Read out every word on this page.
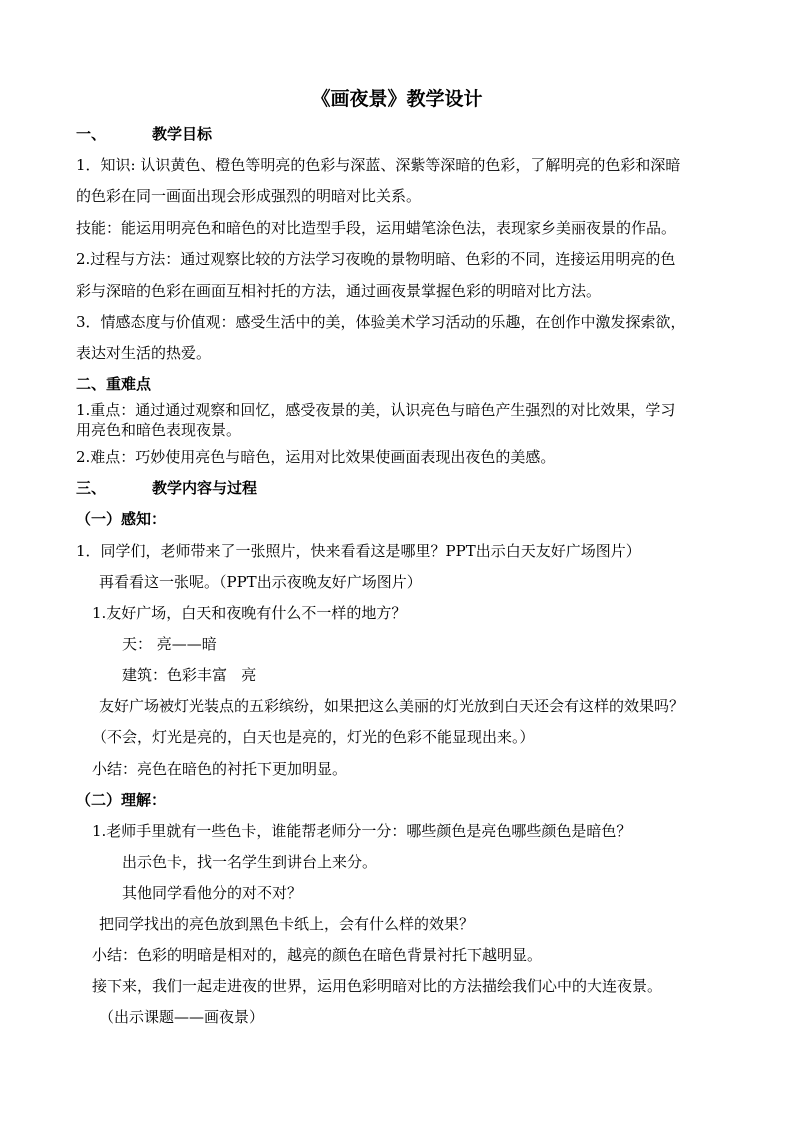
《画夜景》教学设计
一、	教学目标
1．知识: 认识黄色、橙色等明亮的色彩与深蓝、深紫等深暗的色彩，了解明亮的色彩和深暗
的色彩在同一画面出现会形成强烈的明暗对比关系。
技能：能运用明亮色和暗色的对比造型手段，运用蜡笔涂色法，表现家乡美丽夜景的作品。
2.过程与方法：通过观察比较的方法学习夜晚的景物明暗、色彩的不同，连接运用明亮的色
彩与深暗的色彩在画面互相衬托的方法，通过画夜景掌握色彩的明暗对比方法。
3．情感态度与价值观：感受生活中的美，体验美术学习活动的乐趣，在创作中激发探索欲，
表达对生活的热爱。
二、重难点
1.重点：通过通过观察和回忆，感受夜景的美，认识亮色与暗色产生强烈的对比效果，学习
用亮色和暗色表现夜景。
2.难点：巧妙使用亮色与暗色，运用对比效果使画面表现出夜色的美感。
三、	教学内容与过程
（一）感知：
1．同学们，老师带来了一张照片，快来看看这是哪里？PPT出示白天友好广场图片）
再看看这一张呢。（PPT出示夜晚友好广场图片）
1.友好广场，白天和夜晚有什么不一样的地方？
天： 亮——暗
建筑：色彩丰富   亮
友好广场被灯光装点的五彩缤纷，如果把这么美丽的灯光放到白天还会有这样的效果吗？
（不会，灯光是亮的，白天也是亮的，灯光的色彩不能显现出来。）
小结：亮色在暗色的衬托下更加明显。
（二）理解：
1.老师手里就有一些色卡，谁能帮老师分一分：哪些颜色是亮色哪些颜色是暗色？
出示色卡，找一名学生到讲台上来分。
其他同学看他分的对不对？
把同学找出的亮色放到黑色卡纸上，会有什么样的效果？
小结：色彩的明暗是相对的，越亮的颜色在暗色背景衬托下越明显。
接下来，我们一起走进夜的世界，运用色彩明暗对比的方法描绘我们心中的大连夜景。
（出示课题——画夜景）
